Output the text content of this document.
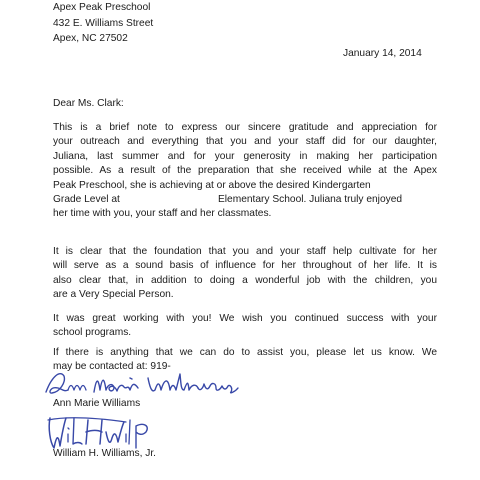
Apex Peak Preschool
432 E. Williams Street
Apex, NC 27502
January 14, 2014
Dear Ms. Clark:
This is a brief note to express our sincere gratitude and appreciation for
your outreach and everything that you and your staff did for our daughter,
Juliana, last summer and for your generosity in making her participation
possible. As a result of the preparation that she received while at the Apex
Peak Preschool, she is achieving at or above the desired Kindergarten
Grade Level at	Elementary School. Juliana truly enjoyed
her time with you, your staff and her classmates.
It is clear that the foundation that you and your staff help cultivate for her
will serve as a sound basis of influence for her throughout of her life. It is
also clear that, in addition to doing a wonderful job with the children, you
are a Very Special Person.
It was great working with you! We wish you continued success with your
school programs.
If there is anything that we can do to assist you, please let us know. We
may be contacted at: 919-
Ann Marie Williams
William H. Williams, Jr.
